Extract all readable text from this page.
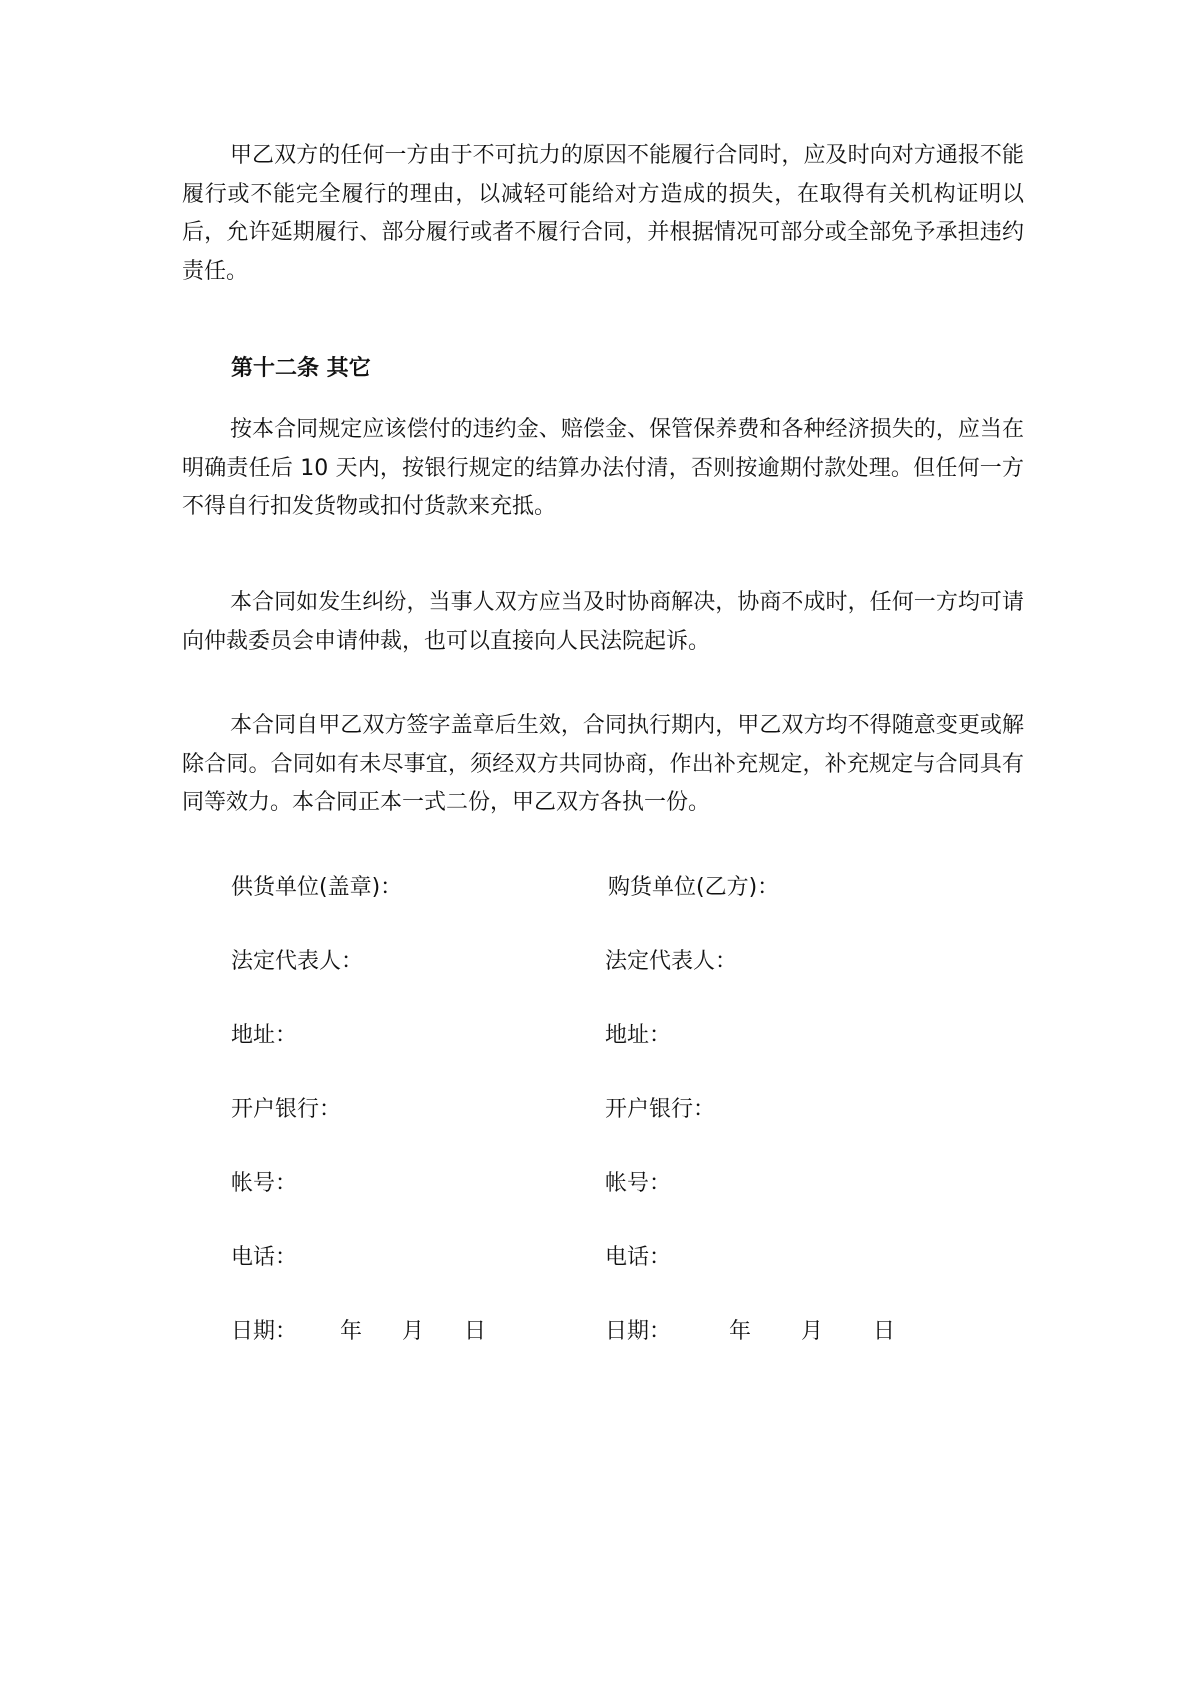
甲乙双方的任何一方由于不可抗力的原因不能履行合同时，应及时向对方通报不能履行或不能完全履行的理由，以减轻可能给对方造成的损失，在取得有关机构证明以后，允许延期履行、部分履行或者不履行合同，并根据情况可部分或全部免予承担违约责任。

第十二条 其它

按本合同规定应该偿付的违约金、赔偿金、保管保养费和各种经济损失的，应当在明确责任后 10 天内，按银行规定的结算办法付清，否则按逾期付款处理。但任何一方不得自行扣发货物或扣付货款来充抵。

本合同如发生纠纷，当事人双方应当及时协商解决，协商不成时，任何一方均可请向仲裁委员会申请仲裁，也可以直接向人民法院起诉。

本合同自甲乙双方签字盖章后生效，合同执行期内，甲乙双方均不得随意变更或解除合同。合同如有未尽事宜，须经双方共同协商，作出补充规定，补充规定与合同具有同等效力。本合同正本一式二份，甲乙双方各执一份。

供货单位(盖章)：	购货单位(乙方)：
法定代表人：	法定代表人：
地址：	地址：
开户银行：	开户银行：
帐号：	帐号：
电话：	电话：
日期： 年 月 日	日期：	年 月 日
